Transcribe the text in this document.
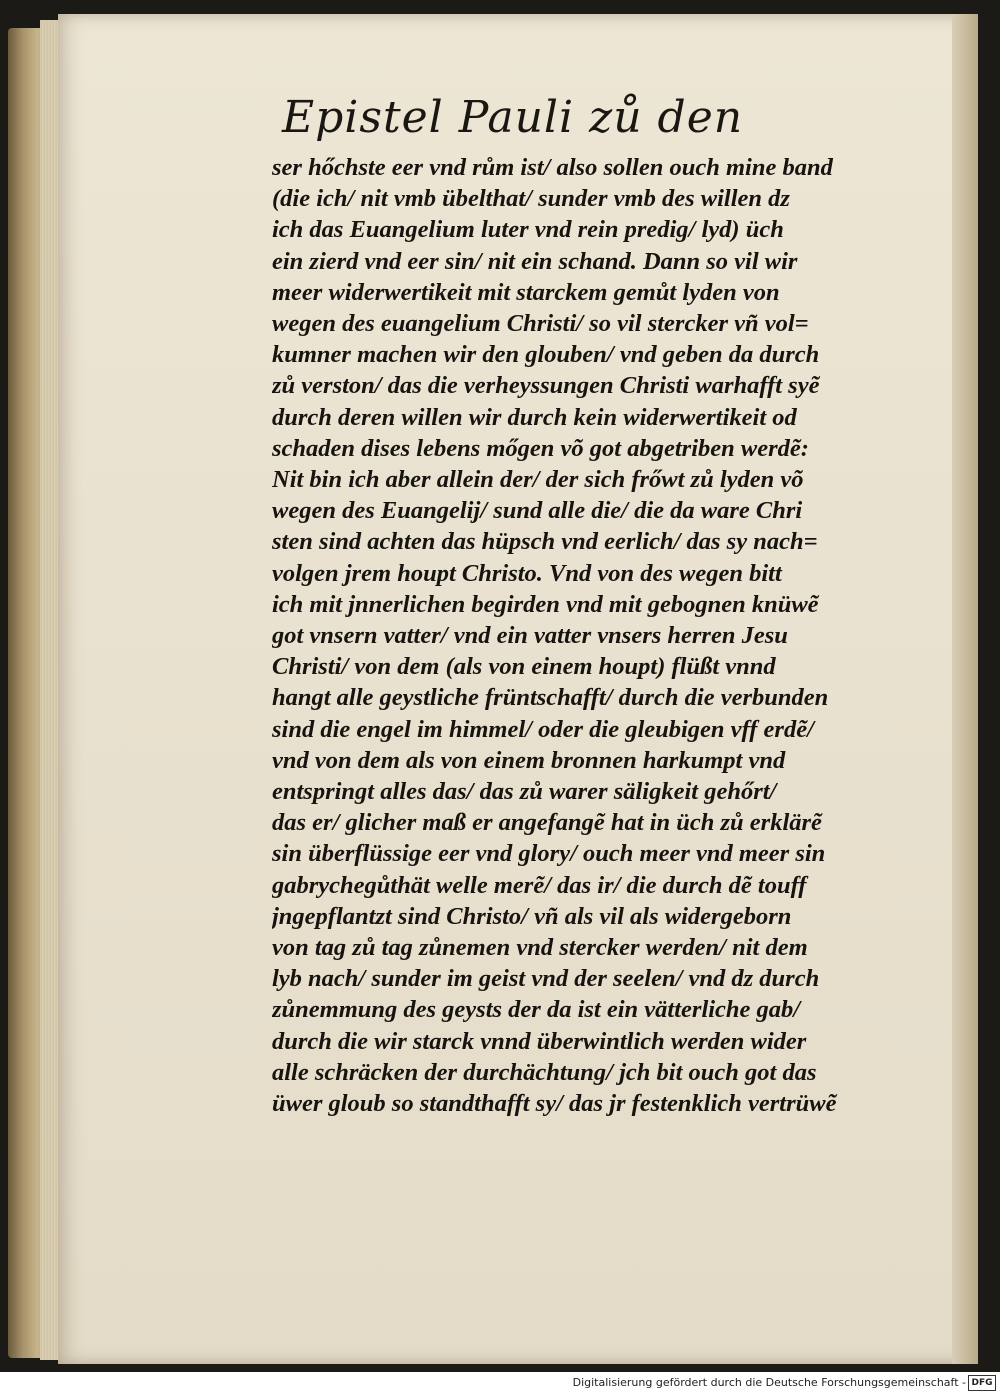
Epistel Pauli zů den
ser hőchste eer vnd rům ist/ also sollen ouch mine band
(die ich/ nit vmb übelthat/ sunder vmb des willen dz
ich das Euangelium luter vnd rein predig/ lyd) üch
ein zierd vnd eer sin/ nit ein schand. Dann so vil wir
meer widerwertikeit mit starckem gemůt lyden von
wegen des euangelium Christi/ so vil stercker vñ vol=
kumner machen wir den glouben/ vnd geben da durch
zů verston/ das die verheyssungen Christi warhafft syẽ
durch deren willen wir durch kein widerwertikeit od
schaden dises lebens mőgen võ got abgetriben werdẽ:
Nit bin ich aber allein der/ der sich frőwt zů lyden võ
wegen des Euangelij/ sund alle die/ die da ware Chri
sten sind achten das hüpsch vnd eerlich/ das sy nach=
volgen jrem houpt Christo. Vnd von des wegen bitt
ich mit jnnerlichen begirden vnd mit gebognen knüwẽ
got vnsern vatter/ vnd ein vatter vnsers herren Jesu
Christi/ von dem (als von einem houpt) flüßt vnnd
hangt alle geystliche früntschafft/ durch die verbunden
sind die engel im himmel/ oder die gleubigen vff erdẽ/
vnd von dem als von einem bronnen harkumpt vnd
entspringt alles das/ das zů warer säligkeit gehőrt/
das er/ glicher maß er angefangẽ hat in üch zů erklärẽ
sin überflüssige eer vnd glory/ ouch meer vnd meer sin
gabrychegůthät welle merẽ/ das ir/ die durch dẽ touff
jngepflantzt sind Christo/ vñ als vil als widergeborn
von tag zů tag zůnemen vnd stercker werden/ nit dem
lyb nach/ sunder im geist vnd der seelen/ vnd dz durch
zůnemmung des geysts der da ist ein vätterliche gab/
durch die wir starck vnnd überwintlich werden wider
alle schräcken der durchächtung/ jch bit ouch got das
üwer gloub so standthafft sy/ das jr festenklich vertrüwẽ
Digitalisierung gefördert durch die Deutsche Forschungsgemeinschaft - DFG
